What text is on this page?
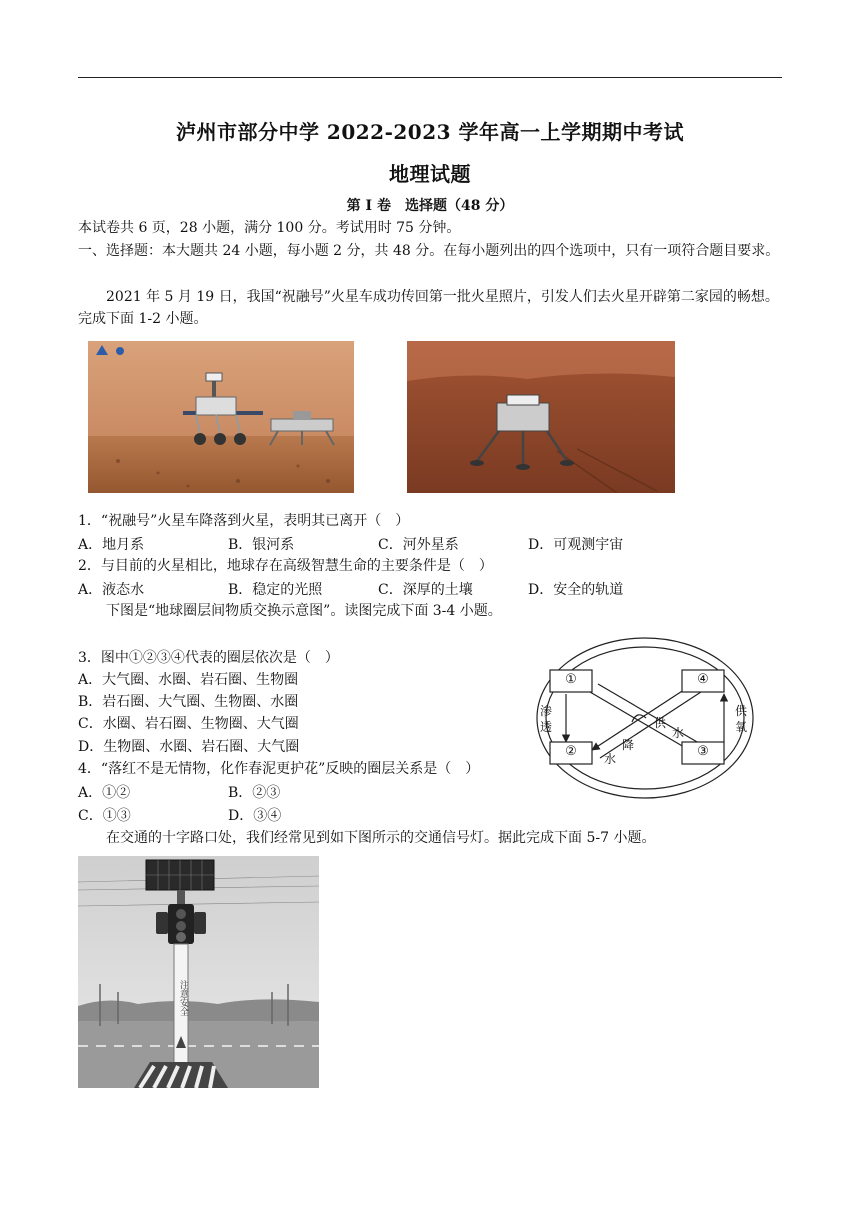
泸州市部分中学 2022-2023 学年高一上学期期中考试
地理试题
第 I 卷　选择题（48 分）
本试卷共 6 页，28 小题，满分 100 分。考试用时 75 分钟。
一、选择题：本大题共 24 小题，每小题 2 分，共 48 分。在每小题列出的四个选项中，只有一项符合题目要求。
2021 年 5 月 19 日，我国“祝融号”火星车成功传回第一批火星照片，引发人们去火星开辟第二家园的畅想。完成下面 1-2 小题。
1．“祝融号”火星车降落到火星，表明其已离开（　）
A．地月系	B．银河系	C．河外星系	D．可观测宇宙
2．与目前的火星相比，地球存在高级智慧生命的主要条件是（　）
A．液态水	B．稳定的光照	C．深厚的土壤	D．安全的轨道
下图是“地球圈层间物质交换示意图”。读图完成下面 3-4 小题。
3．图中①②③④代表的圈层依次是（　）
A．大气圈、水圈、岩石圈、生物圈
B．岩石圈、大气圈、生物圈、水圈
C．水圈、岩石圈、生物圈、大气圈
D．生物圈、水圈、岩石圈、大气圈
4．“落红不是无情物，化作春泥更护花”反映的圈层关系是（　）
A．①②	B．②③
C．①③	D．③④
在交通的十字路口处，我们经常见到如下图所示的交通信号灯。据此完成下面 5-7 小题。
①
②	③
④
渗
透	供
水
降
水
供
氧
注意安全
